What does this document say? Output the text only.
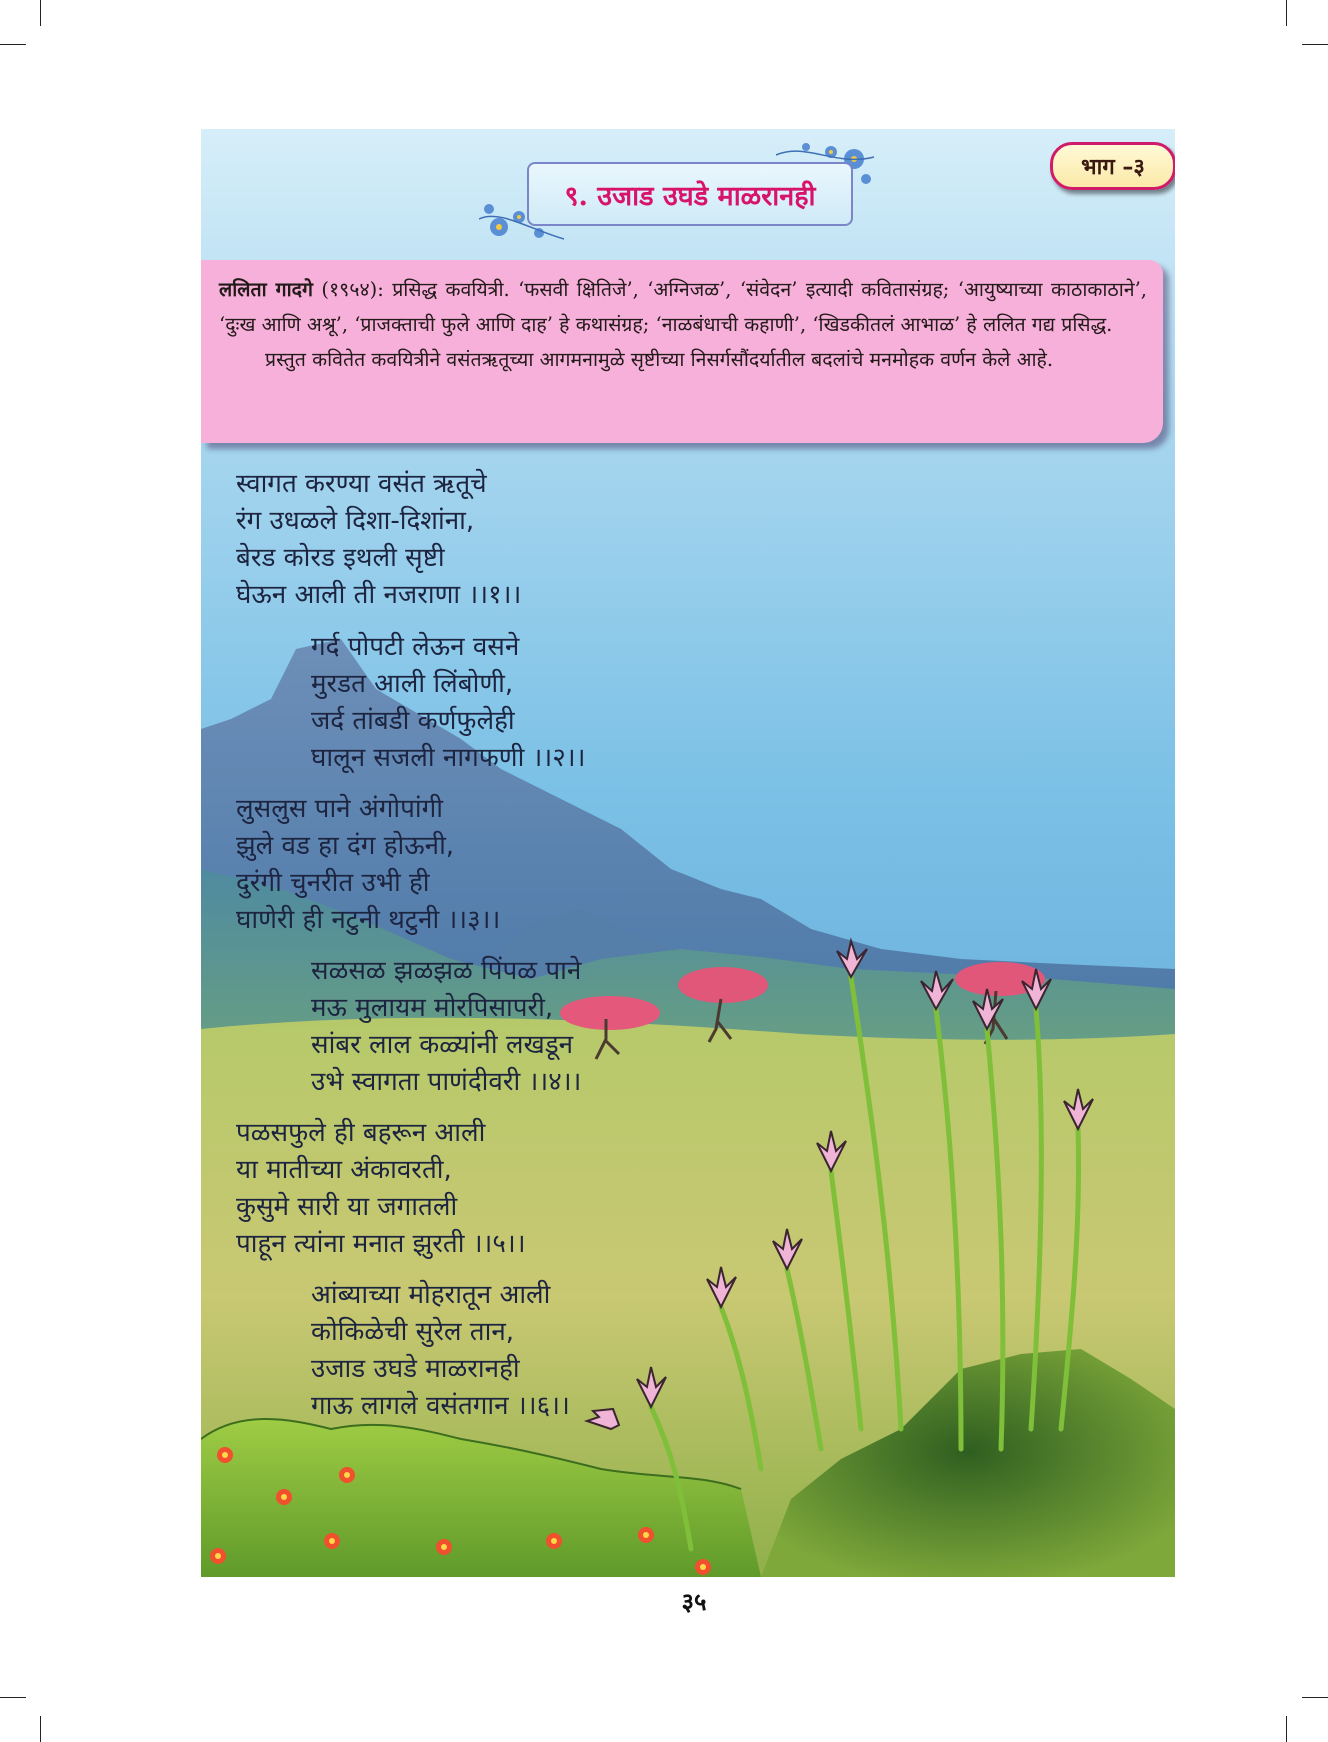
भाग –३
९. उजाड उघडे माळरानही

ललिता गादगे (१९५४): प्रसिद्ध कवयित्री. ‘फसवी क्षितिजे’, ‘अग्निजळ’, ‘संवेदन’ इत्यादी कवितासंग्रह; ‘आयुष्याच्या काठाकाठाने’, ‘दुःख आणि अश्रू’, ‘प्राजक्ताची फुले आणि दाह’ हे कथासंग्रह; ‘नाळबंधाची कहाणी’, ‘खिडकीतलं आभाळ’ हे ललित गद्य प्रसिद्ध.

प्रस्तुत कवितेत कवयित्रीने वसंतऋतूच्या आगमनामुळे सृष्टीच्या निसर्गसौंदर्यातील बदलांचे मनमोहक वर्णन केले आहे.

स्वागत करण्या वसंत ऋतूचे
रंग उधळले दिशा-दिशांना,
बेरड कोरड इथली सृष्टी
घेऊन आली ती नजराणा ।।१।।
गर्द पोपटी लेऊन वसने
मुरडत आली लिंबोणी,
जर्द तांबडी कर्णफुलेही
घालून सजली नागफणी ।।२।।
लुसलुस पाने अंगोपांगी
झुले वड हा दंग होऊनी,
दुरंगी चुनरीत उभी ही
घाणेरी ही नटुनी थटुनी ।।३।।
सळसळ झळझळ पिंपळ पाने
मऊ मुलायम मोरपिसापरी,
सांबर लाल कळ्यांनी लखडून
उभे स्वागता पाणंदीवरी ।।४।।
पळसफुले ही बहरून आली
या मातीच्या अंकावरती,
कुसुमे सारी या जगातली
पाहून त्यांना मनात झुरती ।।५।।
आंब्याच्या मोहरातून आली
कोकिळेची सुरेल तान,
उजाड उघडे माळरानही
गाऊ लागले वसंतगान ।।६।।
३५
